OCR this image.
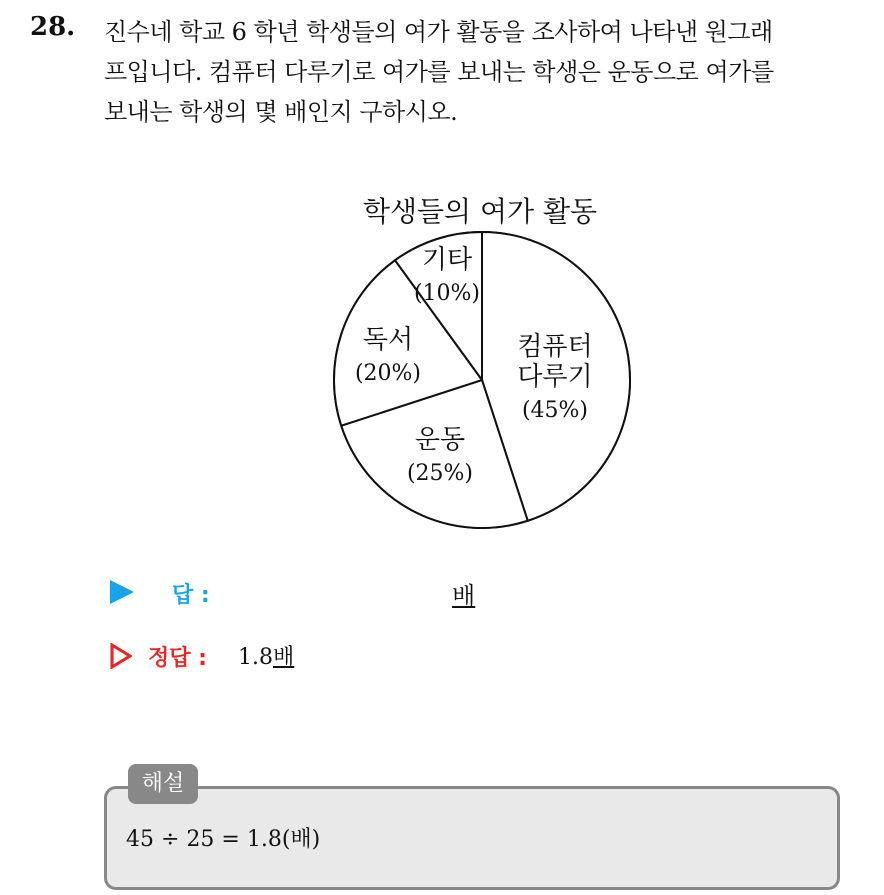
28. 진수네 학교 6 학년 학생들의 여가 활동을 조사하여 나타낸 원그래
프입니다. 컴퓨터 다루기로 여가를 보내는 학생은 운동으로 여가를
보내는 학생의 몇 배인지 구하시오.
학생들의 여가 활동
컴퓨터
다루기
(45%)
운동
(25%)
독서
(20%)
기타
(10%)
답 :	배
정답 : 1.8배
해설
45 ÷ 25 = 1.8(배)
